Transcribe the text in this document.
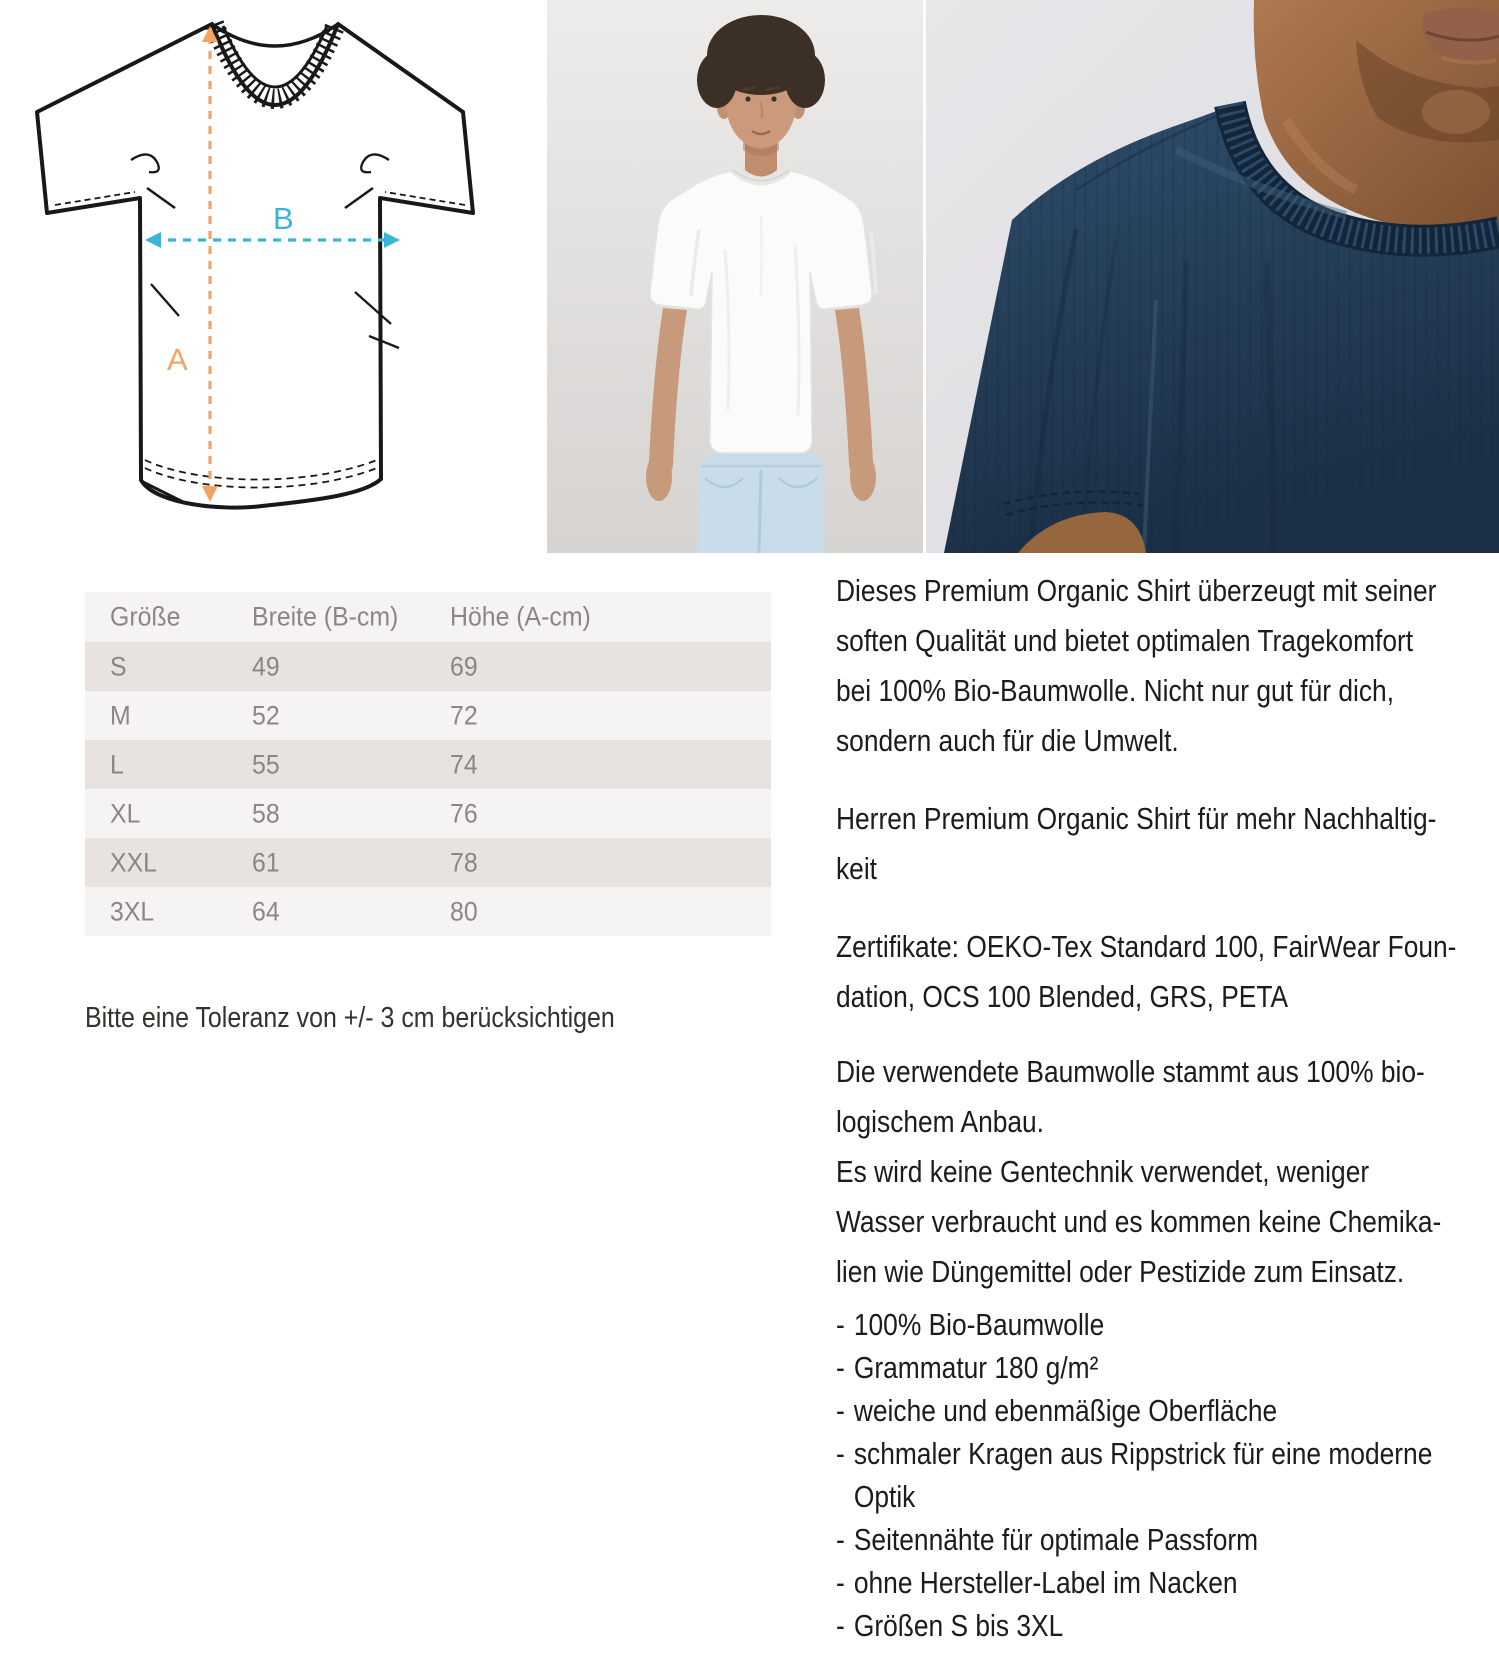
B
A
Größe	Breite (B-cm) Höhe (A-cm)
S	49	69
M	52	72
L	55	74
XL	58	76
XXL	61	78
3XL	64	80
Bitte eine Toleranz von +/- 3 cm berücksichtigen
Dieses Premium Organic Shirt überzeugt mit seiner
soften Qualität und bietet optimalen Tragekomfort
bei 100% Bio-Baumwolle. Nicht nur gut für dich,
sondern auch für die Umwelt.
Herren Premium Organic Shirt für mehr Nachhaltig-
keit
Zertifikate: OEKO-Tex Standard 100, FairWear Foun-
dation, OCS 100 Blended, GRS, PETA
Die verwendete Baumwolle stammt aus 100% bio-
logischem Anbau.
Es wird keine Gentechnik verwendet, weniger
Wasser verbraucht und es kommen keine Chemika-
lien wie Düngemittel oder Pestizide zum Einsatz.
- 100% Bio-Baumwolle
- Grammatur 180 g/m²
- weiche und ebenmäßige Oberfläche
- schmaler Kragen aus Rippstrick für eine moderne
Optik
- Seitennähte für optimale Passform
- ohne Hersteller-Label im Nacken
- Größen S bis 3XL
